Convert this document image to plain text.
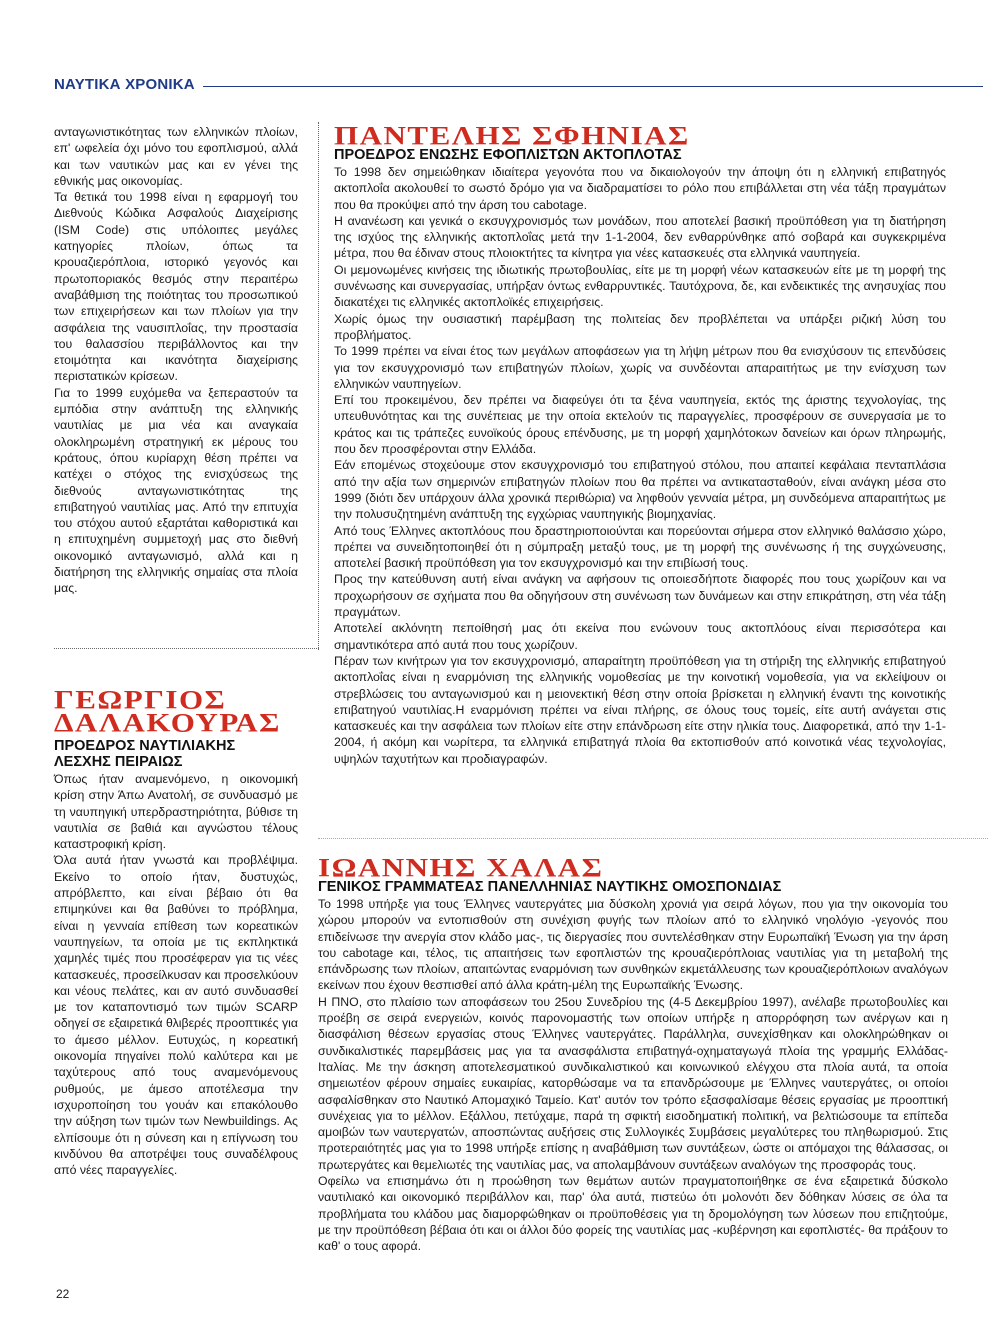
ΝΑΥΤΙΚΑ ΧΡΟΝΙΚΑ

ανταγωνιστικότητας των ελληνικών πλοίων, επ' ωφελεία όχι μόνο του εφοπλισμού, αλλά και των ναυτικών μας και εν γένει της εθνικής μας οικονομίας.

Τα θετικά του 1998 είναι η εφαρμογή του Διεθνούς Κώδικα Ασφαλούς Διαχείρισης (ISM Code) στις υπόλοιπες μεγάλες κατηγορίες πλοίων, όπως τα κρουαζιερόπλοια, ιστορικό γεγονός και πρωτοποριακός θεσμός στην περαιτέρω αναβάθμιση της ποιότητας του προσωπικού των επιχειρήσεων και των πλοίων για την ασφάλεια της ναυσιπλοΐας, την προστασία του θαλασσίου περιβάλλοντος και την ετοιμότητα και ικανότητα διαχείρισης περιστατικών κρίσεων.

Για το 1999 ευχόμεθα να ξεπεραστούν τα εμπόδια στην ανάπτυξη της ελληνικής ναυτιλίας με μια νέα και αναγκαία ολοκληρωμένη στρατηγική εκ μέρους του κράτους, όπου κυρίαρχη θέση πρέπει να κατέχει ο στόχος της ενισχύσεως της διεθνούς ανταγωνιστικότητας της επιβατηγού ναυτιλίας μας. Από την επιτυχία του στόχου αυτού εξαρτάται καθοριστικά και η επιτυχημένη συμμετοχή μας στο διεθνή οικονομικό ανταγωνισμό, αλλά και η διατήρηση της ελληνικής σημαίας στα πλοία μας.

ΓΕΩΡΓΙΟΣ
ΔΑΛΑΚΟΥΡΑΣ
ΠΡΟΕΔΡΟΣ ΝΑΥΤΙΛΙΑΚΗΣ
ΛΕΣΧΗΣ ΠΕΙΡΑΙΩΣ

Όπως ήταν αναμενόμενο, η οικονομική κρίση στην Άπω Ανατολή, σε συνδυασμό με τη ναυπηγική υπερδραστηριότητα, βύθισε τη ναυτιλία σε βαθιά και αγνώστου τέλους καταστροφική κρίση.

Όλα αυτά ήταν γνωστά και προβλέψιμα. Εκείνο το οποίο ήταν, δυστυχώς, απρόβλεπτο, και είναι βέβαιο ότι θα επιμηκύνει και θα βαθύνει το πρόβλημα, είναι η γενναία επίθεση των κορεατικών ναυπηγείων, τα οποία με τις εκπληκτικά χαμηλές τιμές που προσέφεραν για τις νέες κατασκευές, προσείλκυσαν και προσελκύουν και νέους πελάτες, και αν αυτό συνδυασθεί με τον καταποντισμό των τιμών SCARP οδηγεί σε εξαιρετικά θλιβερές προοπτικές για το άμεσο μέλλον. Ευτυχώς, η κορεατική οικονομία πηγαίνει πολύ καλύτερα και με ταχύτερους από τους αναμενόμενους ρυθμούς, με άμεσο αποτέλεσμα την ισχυροποίηση του γουάν και επακόλουθο την αύξηση των τιμών των Newbuildings. Ας ελπίσουμε ότι η σύνεση και η επίγνωση του κινδύνου θα αποτρέψει τους συναδέλφους από νέες παραγγελίες.

ΠΑΝΤΕΛΗΣ ΣΦΗΝΙΑΣ
ΠΡΟΕΔΡΟΣ ΕΝΩΣΗΣ ΕΦΟΠΛΙΣΤΩΝ ΑΚΤΟΠΛΟΤΑΣ

Το 1998 δεν σημειώθηκαν ιδιαίτερα γεγονότα που να δικαιολογούν την άποψη ότι η ελληνική επιβατηγός ακτοπλοΐα ακολουθεί το σωστό δρόμο για να διαδραματίσει το ρόλο που επιβάλλεται στη νέα τάξη πραγμάτων που θα προκύψει από την άρση του cabotage.

Η ανανέωση και γενικά ο εκσυγχρονισμός των μονάδων, που αποτελεί βασική προϋπόθεση για τη διατήρηση της ισχύος της ελληνικής ακτοπλοΐας μετά την 1-1-2004, δεν ενθαρρύνθηκε από σοβαρά και συγκεκριμένα μέτρα, που θα έδιναν στους πλοιοκτήτες τα κίνητρα για νέες κατασκευές στα ελληνικά ναυπηγεία.

Οι μεμονωμένες κινήσεις της ιδιωτικής πρωτοβουλίας, είτε με τη μορφή νέων κατασκευών είτε με τη μορφή της συνένωσης και συνεργασίας, υπήρξαν όντως ενθαρρυντικές. Ταυτόχρονα, δε, και ενδεικτικές της ανησυχίας που διακατέχει τις ελληνικές ακτοπλοϊκές επιχειρήσεις.

Χωρίς όμως την ουσιαστική παρέμβαση της πολιτείας δεν προβλέπεται να υπάρξει ριζική λύση του προβλήματος.

Το 1999 πρέπει να είναι έτος των μεγάλων αποφάσεων για τη λήψη μέτρων που θα ενισχύσουν τις επενδύσεις για τον εκσυγχρονισμό των επιβατηγών πλοίων, χωρίς να συνδέονται απαραιτήτως με την ενίσχυση των ελληνικών ναυπηγείων.

Επί του προκειμένου, δεν πρέπει να διαφεύγει ότι τα ξένα ναυπηγεία, εκτός της άριστης τεχνολογίας, της υπευθυνότητας και της συνέπειας με την οποία εκτελούν τις παραγγελίες, προσφέρουν σε συνεργασία με το κράτος και τις τράπεζες ευνοϊκούς όρους επένδυσης, με τη μορφή χαμηλότοκων δανείων και όρων πληρωμής, που δεν προσφέρονται στην Ελλάδα.

Εάν επομένως στοχεύουμε στον εκσυγχρονισμό του επιβατηγού στόλου, που απαιτεί κεφάλαια πενταπλάσια από την αξία των σημερινών επιβατηγών πλοίων που θα πρέπει να αντικατασταθούν, είναι ανάγκη μέσα στο 1999 (διότι δεν υπάρχουν άλλα χρονικά περιθώρια) να ληφθούν γενναία μέτρα, μη συνδεόμενα απαραιτήτως με την πολυσυζητημένη ανάπτυξη της εγχώριας ναυπηγικής βιομηχανίας.

Από τους Έλληνες ακτοπλόους που δραστηριοποιούνται και πορεύονται σήμερα στον ελληνικό θαλάσσιο χώρο, πρέπει να συνειδητοποιηθεί ότι η σύμπραξη μεταξύ τους, με τη μορφή της συνένωσης ή της συγχώνευσης, αποτελεί βασική προϋπόθεση για τον εκσυγχρονισμό και την επιβίωσή τους.

Προς την κατεύθυνση αυτή είναι ανάγκη να αφήσουν τις οποιεσδήποτε διαφορές που τους χωρίζουν και να προχωρήσουν σε σχήματα που θα οδηγήσουν στη συνένωση των δυνάμεων και στην επικράτηση, στη νέα τάξη πραγμάτων.

Αποτελεί ακλόνητη πεποίθησή μας ότι εκείνα που ενώνουν τους ακτοπλόους είναι περισσότερα και σημαντικότερα από αυτά που τους χωρίζουν.

Πέραν των κινήτρων για τον εκσυγχρονισμό, απαραίτητη προϋπόθεση για τη στήριξη της ελληνικής επιβατηγού ακτοπλοΐας είναι η εναρμόνιση της ελληνικής νομοθεσίας με την κοινοτική νομοθεσία, για να εκλείψουν οι στρεβλώσεις του ανταγωνισμού και η μειονεκτική θέση στην οποία βρίσκεται η ελληνική έναντι της κοινοτικής επιβατηγού ναυτιλίας.Η εναρμόνιση πρέπει να είναι πλήρης, σε όλους τους τομείς, είτε αυτή ανάγεται στις κατασκευές και την ασφάλεια των πλοίων είτε στην επάνδρωση είτε στην ηλικία τους. Διαφορετικά, από την 1-1-2004, ή ακόμη και νωρίτερα, τα ελληνικά επιβατηγά πλοία θα εκτοπισθούν από κοινοτικά νέας τεχνολογίας, υψηλών ταχυτήτων και προδιαγραφών.

ΙΩΑΝΝΗΣ ΧΑΛΑΣ
ΓΕΝΙΚΟΣ ΓΡΑΜΜΑΤΕΑΣ ΠΑΝΕΛΛΗΝΙΑΣ ΝΑΥΤΙΚΗΣ ΟΜΟΣΠΟΝΔΙΑΣ

Το 1998 υπήρξε για τους Έλληνες ναυτεργάτες μια δύσκολη χρονιά για σειρά λόγων, που για την οικονομία του χώρου μπορούν να εντοπισθούν στη συνέχιση φυγής των πλοίων από το ελληνικό νηολόγιο -γεγονός που επιδείνωσε την ανεργία στον κλάδο μας-, τις διεργασίες που συντελέσθηκαν στην Ευρωπαϊκή Ένωση για την άρση του cabotage και, τέλος, τις απαιτήσεις των εφοπλιστών της κρουαζιερόπλοιας ναυτιλίας για τη μεταβολή της επάνδρωσης των πλοίων, απαιτώντας εναρμόνιση των συνθηκών εκμετάλλευσης των κρουαζιερόπλοιων αναλόγων εκείνων που έχουν θεσπισθεί από άλλα κράτη-μέλη της Ευρωπαϊκής Ένωσης.

Η ΠΝΟ, στο πλαίσιο των αποφάσεων του 25ου Συνεδρίου της (4-5 Δεκεμβρίου 1997), ανέλαβε πρωτοβουλίες και προέβη σε σειρά ενεργειών, κοινός παρονομαστής των οποίων υπήρξε η απορρόφηση των ανέργων και η διασφάλιση θέσεων εργασίας στους Έλληνες ναυτεργάτες. Παράλληλα, συνεχίσθηκαν και ολοκληρώθηκαν οι συνδικαλιστικές παρεμβάσεις μας για τα ανασφάλιστα επιβατηγά-οχηματαγωγά πλοία της γραμμής Ελλάδας-Ιταλίας. Με την άσκηση αποτελεσματικού συνδικαλιστικού και κοινωνικού ελέγχου στα πλοία αυτά, τα οποία σημειωτέον φέρουν σημαίες ευκαιρίας, κατορθώσαμε να τα επανδρώσουμε με Έλληνες ναυτεργάτες, οι οποίοι ασφαλίσθηκαν στο Ναυτικό Απομαχικό Ταμείο. Κατ' αυτόν τον τρόπο εξασφαλίσαμε θέσεις εργασίας με προοπτική συνέχειας για το μέλλον. Εξάλλου, πετύχαμε, παρά τη σφικτή εισοδηματική πολιτική, να βελτιώσουμε τα επίπεδα αμοιβών των ναυτεργατών, αποσπώντας αυξήσεις στις Συλλογικές Συμβάσεις μεγαλύτερες του πληθωρισμού. Στις προτεραιότητές μας για το 1998 υπήρξε επίσης η αναβάθμιση των συντάξεων, ώστε οι απόμαχοι της θάλασσας, οι πρωτεργάτες και θεμελιωτές της ναυτιλίας μας, να απολαμβάνουν συντάξεων αναλόγων της προσφοράς τους.

Οφείλω να επισημάνω ότι η προώθηση των θεμάτων αυτών πραγματοποιήθηκε σε ένα εξαιρετικά δύσκολο ναυτιλιακό και οικονομικό περιβάλλον και, παρ' όλα αυτά, πιστεύω ότι μολονότι δεν δόθηκαν λύσεις σε όλα τα προβλήματα του κλάδου μας διαμορφώθηκαν οι προϋποθέσεις για τη δρομολόγηση των λύσεων που επιζητούμε, με την προϋπόθεση βέβαια ότι και οι άλλοι δύο φορείς της ναυτιλίας μας -κυβέρνηση και εφοπλιστές- θα πράξουν το καθ' ο τους αφορά.

22
